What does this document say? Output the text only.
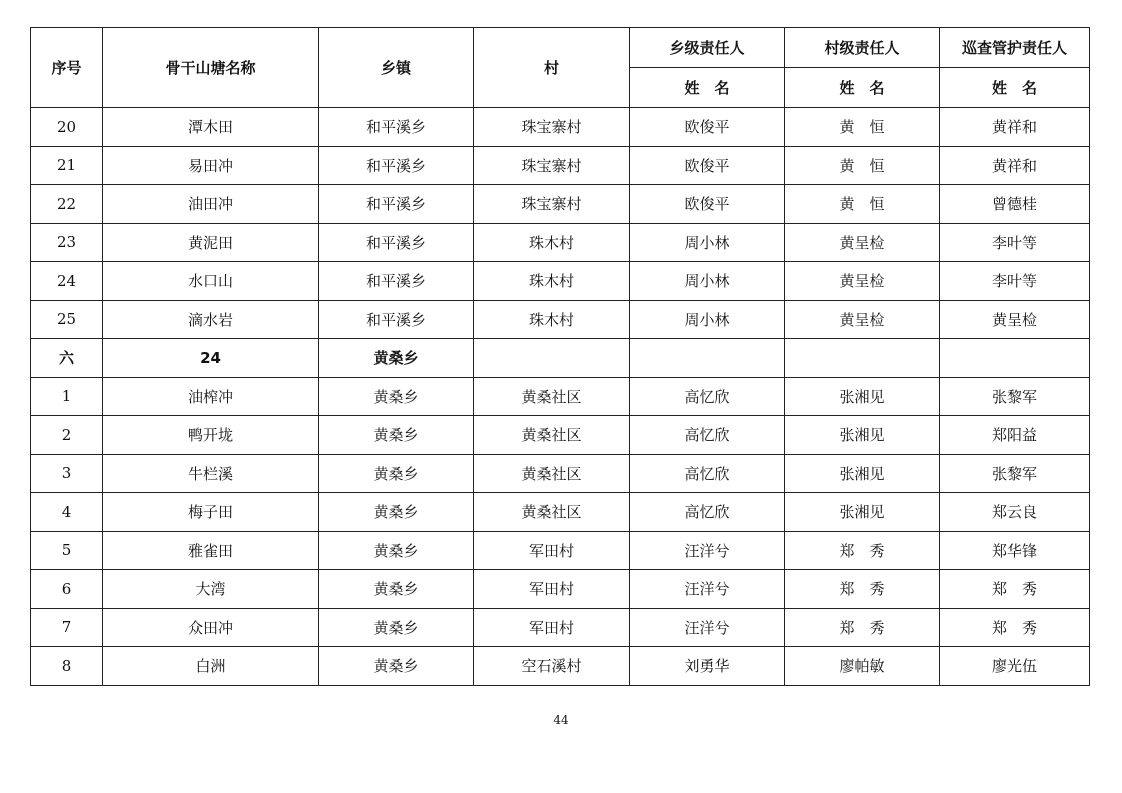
序号	骨干山塘名称	乡镇	村	乡级责任人	村级责任人	巡查管护责任人
				姓　名	姓　名	姓　名
20	潭木田	和平溪乡	珠宝寨村	欧俊平	黄　恒	黄祥和
21	易田冲	和平溪乡	珠宝寨村	欧俊平	黄　恒	黄祥和
22	油田冲	和平溪乡	珠宝寨村	欧俊平	黄　恒	曾德桂
23	黄泥田	和平溪乡	珠木村	周小林	黄呈检	李叶等
24	水口山	和平溪乡	珠木村	周小林	黄呈检	李叶等
25	滴水岩	和平溪乡	珠木村	周小林	黄呈检	黄呈检
六	24	黄桑乡				
1	油榨冲	黄桑乡	黄桑社区	高忆欣	张湘见	张黎军
2	鸭开垅	黄桑乡	黄桑社区	高忆欣	张湘见	郑阳益
3	牛栏溪	黄桑乡	黄桑社区	高忆欣	张湘见	张黎军
4	梅子田	黄桑乡	黄桑社区	高忆欣	张湘见	郑云良
5	雅雀田	黄桑乡	军田村	汪洋兮	郑　秀	郑华锋
6	大湾	黄桑乡	军田村	汪洋兮	郑　秀	郑　秀
7	众田冲	黄桑乡	军田村	汪洋兮	郑　秀	郑　秀
8	白洲	黄桑乡	空石溪村	刘勇华	廖帕敏	廖光伍
44
